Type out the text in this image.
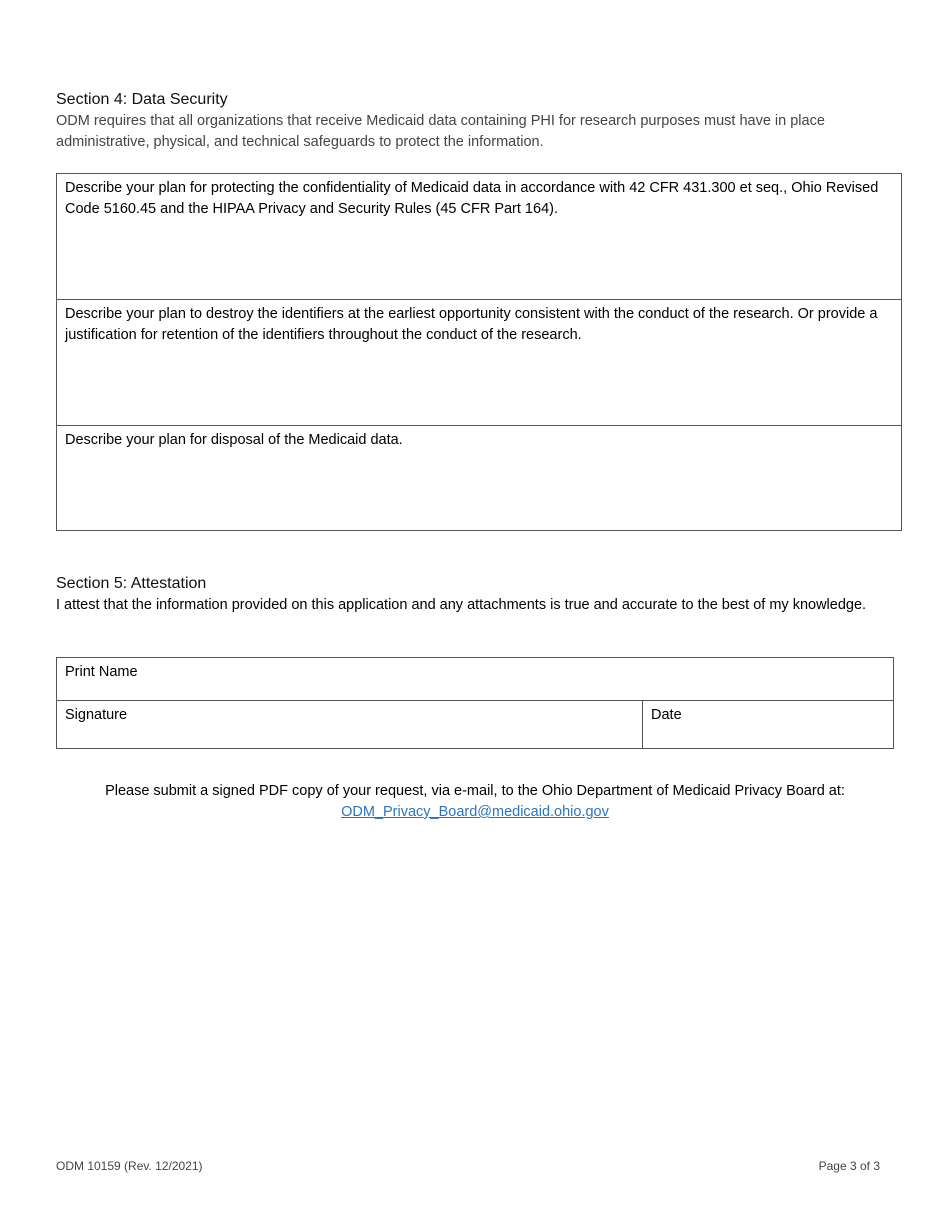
Section 4: Data Security
ODM requires that all organizations that receive Medicaid data containing PHI for research purposes must have in place administrative, physical, and technical safeguards to protect the information.
Describe your plan for protecting the confidentiality of Medicaid data in accordance with 42 CFR 431.300 et seq., Ohio Revised Code 5160.45 and the HIPAA Privacy and Security Rules (45 CFR Part 164).
Describe your plan to destroy the identifiers at the earliest opportunity consistent with the conduct of the research. Or provide a justification for retention of the identifiers throughout the conduct of the research.
Describe your plan for disposal of the Medicaid data.
Section 5: Attestation
I attest that the information provided on this application and any attachments is true and accurate to the best of my knowledge.
Print Name
Signature	Date
Please submit a signed PDF copy of your request, via e-mail, to the Ohio Department of Medicaid Privacy Board at:
ODM_Privacy_Board@medicaid.ohio.gov
ODM 10159 (Rev. 12/2021)	Page 3 of 3
